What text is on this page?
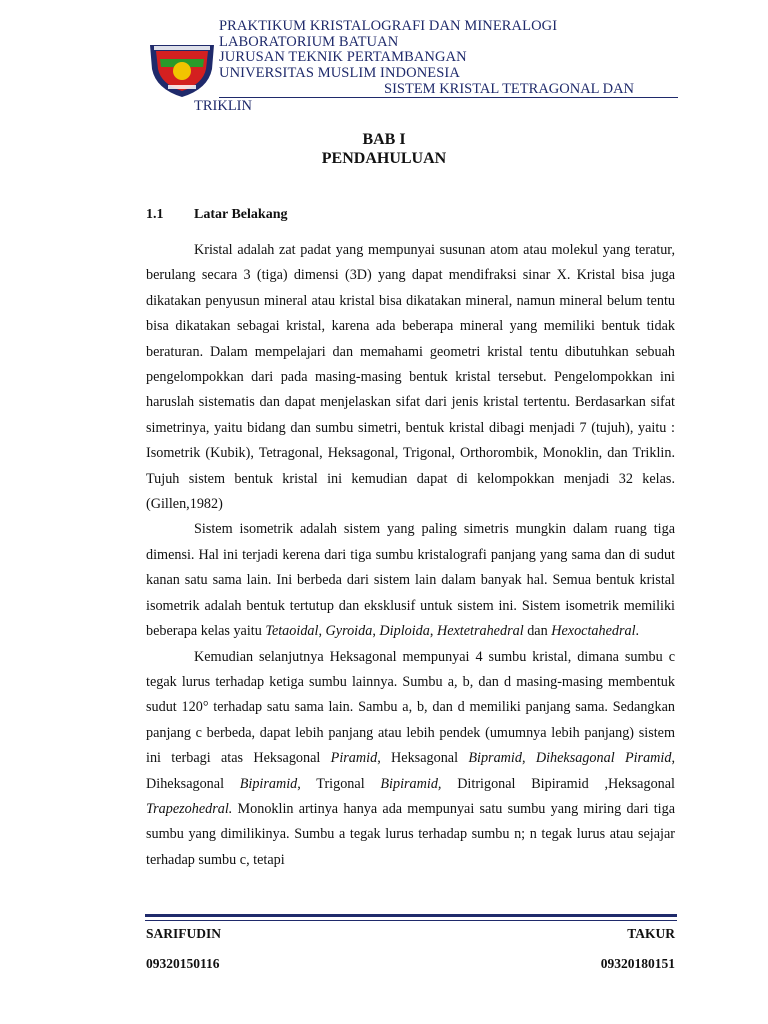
PRAKTIKUM KRISTALOGRAFI DAN MINERALOGI
LABORATORIUM BATUAN
JURUSAN TEKNIK PERTAMBANGAN
UNIVERSITAS MUSLIM INDONESIA
SISTEM KRISTAL TETRAGONAL DAN
TRIKLIN
BAB I
PENDAHULUAN
1.1 Latar Belakang

Kristal adalah zat padat yang mempunyai susunan atom atau molekul yang teratur, berulang secara 3 (tiga) dimensi (3D) yang dapat mendifraksi sinar X. Kristal bisa juga dikatakan penyusun mineral atau kristal bisa dikatakan mineral, namun mineral belum tentu bisa dikatakan sebagai kristal, karena ada beberapa mineral yang memiliki bentuk tidak beraturan. Dalam mempelajari dan memahami geometri kristal tentu dibutuhkan sebuah pengelompokkan dari pada masing-masing bentuk kristal tersebut. Pengelompokkan ini haruslah sistematis dan dapat menjelaskan sifat dari jenis kristal tertentu. Berdasarkan sifat simetrinya, yaitu bidang dan sumbu simetri, bentuk kristal dibagi menjadi 7 (tujuh), yaitu : Isometrik (Kubik), Tetragonal, Heksagonal, Trigonal, Orthorombik, Monoklin, dan Triklin. Tujuh sistem bentuk kristal ini kemudian dapat di kelompokkan menjadi 32 kelas. (Gillen,1982)

Sistem isometrik adalah sistem yang paling simetris mungkin dalam ruang tiga dimensi. Hal ini terjadi kerena dari tiga sumbu kristalografi panjang yang sama dan di sudut kanan satu sama lain. Ini berbeda dari sistem lain dalam banyak hal. Semua bentuk kristal isometrik adalah bentuk tertutup dan eksklusif untuk sistem ini. Sistem isometrik memiliki beberapa kelas yaitu Tetaoidal, Gyroida, Diploida, Hextetrahedral dan Hexoctahedral.

Kemudian selanjutnya Heksagonal mempunyai 4 sumbu kristal, dimana sumbu c tegak lurus terhadap ketiga sumbu lainnya. Sumbu a, b, dan d masing-masing membentuk sudut 120° terhadap satu sama lain. Sambu a, b, dan d memiliki panjang sama. Sedangkan panjang c berbeda, dapat lebih panjang atau lebih pendek (umumnya lebih panjang) sistem ini terbagi atas Heksagonal Piramid, Heksagonal Bipramid, Diheksagonal Piramid, Diheksagonal Bipiramid, Trigonal Bipiramid, Ditrigonal Bipiramid ,Heksagonal Trapezohedral. Monoklin artinya hanya ada mempunyai satu sumbu yang miring dari tiga sumbu yang dimilikinya. Sumbu a tegak lurus terhadap sumbu n; n tegak lurus atau sejajar terhadap sumbu c, tetapi

SARIFUDIN
09320150116
TAKUR
09320180151
